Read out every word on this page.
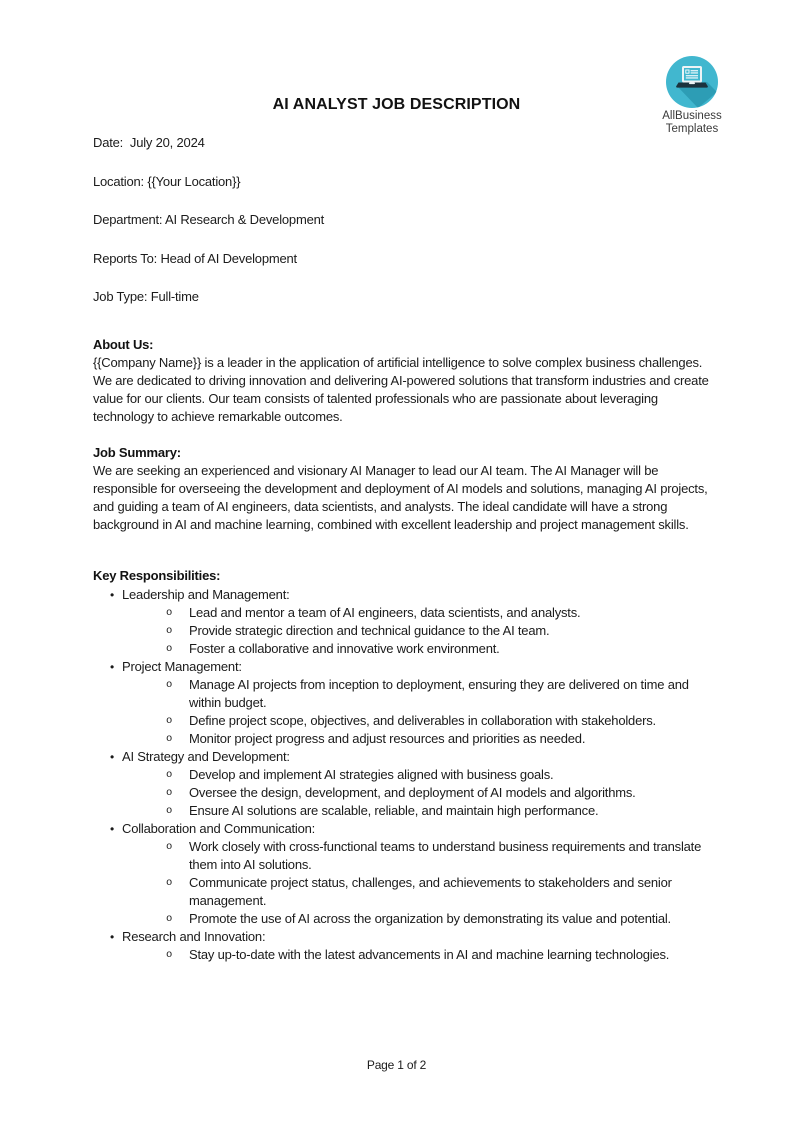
AI ANALYST JOB DESCRIPTION
AllBusiness
Templates
Date:  July 20, 2024
Location: {{Your Location}}
Department: AI Research & Development
Reports To: Head of AI Development
Job Type: Full-time
About Us:
{{Company Name}} is a leader in the application of artificial intelligence to solve complex business challenges. We are dedicated to driving innovation and delivering AI-powered solutions that transform industries and create value for our clients. Our team consists of talented professionals who are passionate about leveraging technology to achieve remarkable outcomes.
Job Summary:
We are seeking an experienced and visionary AI Manager to lead our AI team. The AI Manager will be responsible for overseeing the development and deployment of AI models and solutions, managing AI projects, and guiding a team of AI engineers, data scientists, and analysts. The ideal candidate will have a strong background in AI and machine learning, combined with excellent leadership and project management skills.
Key Responsibilities:
• Leadership and Management:
o	Lead and mentor a team of AI engineers, data scientists, and analysts.
o	Provide strategic direction and technical guidance to the AI team.
o	Foster a collaborative and innovative work environment.
• Project Management:
o	Manage AI projects from inception to deployment, ensuring they are delivered on time and within budget.
o	Define project scope, objectives, and deliverables in collaboration with stakeholders.
o	Monitor project progress and adjust resources and priorities as needed.
• AI Strategy and Development:
o	Develop and implement AI strategies aligned with business goals.
o	Oversee the design, development, and deployment of AI models and algorithms.
o	Ensure AI solutions are scalable, reliable, and maintain high performance.
• Collaboration and Communication:
o	Work closely with cross-functional teams to understand business requirements and translate them into AI solutions.
o	Communicate project status, challenges, and achievements to stakeholders and senior management.
o	Promote the use of AI across the organization by demonstrating its value and potential.
• Research and Innovation:
o	Stay up-to-date with the latest advancements in AI and machine learning technologies.
Page 1 of 2
